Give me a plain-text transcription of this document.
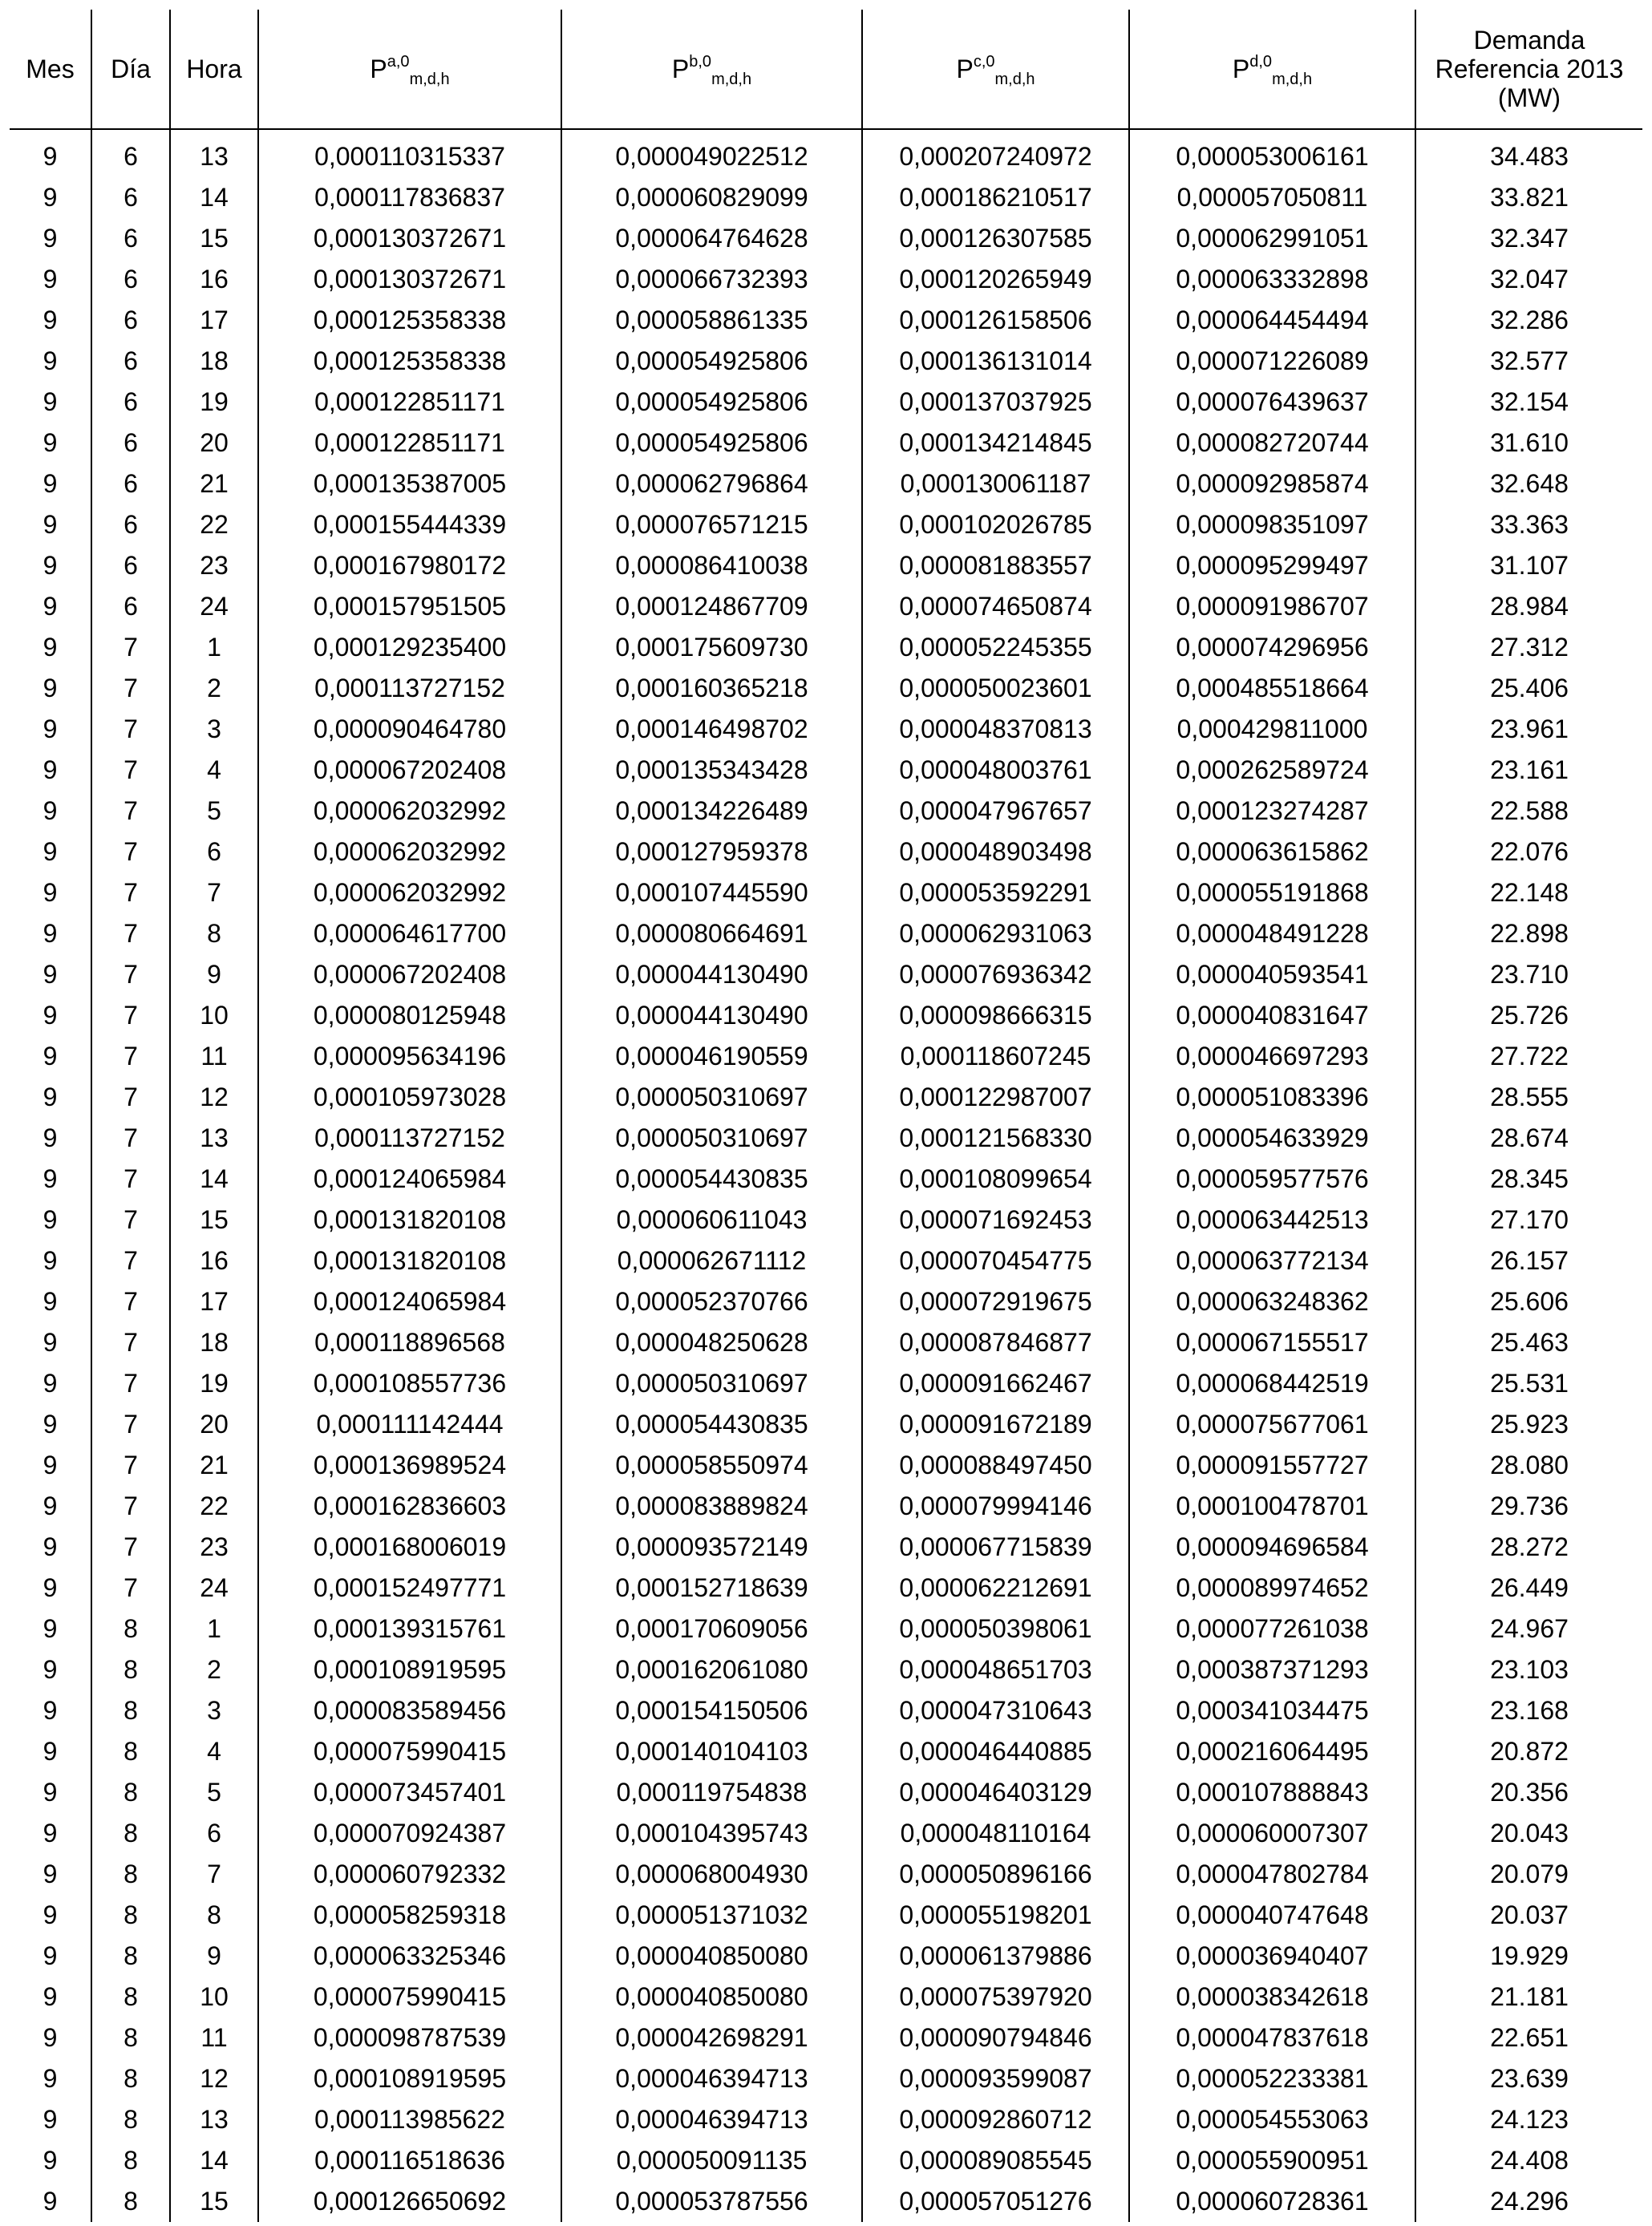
Mes	Día	Hora	P$^{a,0}_{m,d,h}$	P$^{b,0}_{m,d,h}$	P$^{c,0}_{m,d,h}$	P$^{d,0}_{m,d,h}$	Demanda
Referencia 2013
(MW)

9	6	13	0,000110315337	0,000049022512	0,000207240972	0,000053006161	34.483
9	6	14	0,000117836837	0,000060829099	0,000186210517	0,000057050811	33.821
9	6	15	0,000130372671	0,000064764628	0,000126307585	0,000062991051	32.347
9	6	16	0,000130372671	0,000066732393	0,000120265949	0,000063332898	32.047
9	6	17	0,000125358338	0,000058861335	0,000126158506	0,000064454494	32.286
9	6	18	0,000125358338	0,000054925806	0,000136131014	0,000071226089	32.577
9	6	19	0,000122851171	0,000054925806	0,000137037925	0,000076439637	32.154
9	6	20	0,000122851171	0,000054925806	0,000134214845	0,000082720744	31.610
9	6	21	0,000135387005	0,000062796864	0,000130061187	0,000092985874	32.648
9	6	22	0,000155444339	0,000076571215	0,000102026785	0,000098351097	33.363
9	6	23	0,000167980172	0,000086410038	0,000081883557	0,000095299497	31.107
9	6	24	0,000157951505	0,000124867709	0,000074650874	0,000091986707	28.984
9	7	1	0,000129235400	0,000175609730	0,000052245355	0,000074296956	27.312
9	7	2	0,000113727152	0,000160365218	0,000050023601	0,000485518664	25.406
9	7	3	0,000090464780	0,000146498702	0,000048370813	0,000429811000	23.961
9	7	4	0,000067202408	0,000135343428	0,000048003761	0,000262589724	23.161
9	7	5	0,000062032992	0,000134226489	0,000047967657	0,000123274287	22.588
9	7	6	0,000062032992	0,000127959378	0,000048903498	0,000063615862	22.076
9	7	7	0,000062032992	0,000107445590	0,000053592291	0,000055191868	22.148
9	7	8	0,000064617700	0,000080664691	0,000062931063	0,000048491228	22.898
9	7	9	0,000067202408	0,000044130490	0,000076936342	0,000040593541	23.710
9	7	10	0,000080125948	0,000044130490	0,000098666315	0,000040831647	25.726
9	7	11	0,000095634196	0,000046190559	0,000118607245	0,000046697293	27.722
9	7	12	0,000105973028	0,000050310697	0,000122987007	0,000051083396	28.555
9	7	13	0,000113727152	0,000050310697	0,000121568330	0,000054633929	28.674
9	7	14	0,000124065984	0,000054430835	0,000108099654	0,000059577576	28.345
9	7	15	0,000131820108	0,000060611043	0,000071692453	0,000063442513	27.170
9	7	16	0,000131820108	0,000062671112	0,000070454775	0,000063772134	26.157
9	7	17	0,000124065984	0,000052370766	0,000072919675	0,000063248362	25.606
9	7	18	0,000118896568	0,000048250628	0,000087846877	0,000067155517	25.463
9	7	19	0,000108557736	0,000050310697	0,000091662467	0,000068442519	25.531
9	7	20	0,000111142444	0,000054430835	0,000091672189	0,000075677061	25.923
9	7	21	0,000136989524	0,000058550974	0,000088497450	0,000091557727	28.080
9	7	22	0,000162836603	0,000083889824	0,000079994146	0,000100478701	29.736
9	7	23	0,000168006019	0,000093572149	0,000067715839	0,000094696584	28.272
9	7	24	0,000152497771	0,000152718639	0,000062212691	0,000089974652	26.449
9	8	1	0,000139315761	0,000170609056	0,000050398061	0,000077261038	24.967
9	8	2	0,000108919595	0,000162061080	0,000048651703	0,000387371293	23.103
9	8	3	0,000083589456	0,000154150506	0,000047310643	0,000341034475	23.168
9	8	4	0,000075990415	0,000140104103	0,000046440885	0,000216064495	20.872
9	8	5	0,000073457401	0,000119754838	0,000046403129	0,000107888843	20.356
9	8	6	0,000070924387	0,000104395743	0,000048110164	0,000060007307	20.043
9	8	7	0,000060792332	0,000068004930	0,000050896166	0,000047802784	20.079
9	8	8	0,000058259318	0,000051371032	0,000055198201	0,000040747648	20.037
9	8	9	0,000063325346	0,000040850080	0,000061379886	0,000036940407	19.929
9	8	10	0,000075990415	0,000040850080	0,000075397920	0,000038342618	21.181
9	8	11	0,000098787539	0,000042698291	0,000090794846	0,000047837618	22.651
9	8	12	0,000108919595	0,000046394713	0,000093599087	0,000052233381	23.639
9	8	13	0,000113985622	0,000046394713	0,000092860712	0,000054553063	24.123
9	8	14	0,000116518636	0,000050091135	0,000089085545	0,000055900951	24.408
9	8	15	0,000126650692	0,000053787556	0,000057051276	0,000060728361	24.296
